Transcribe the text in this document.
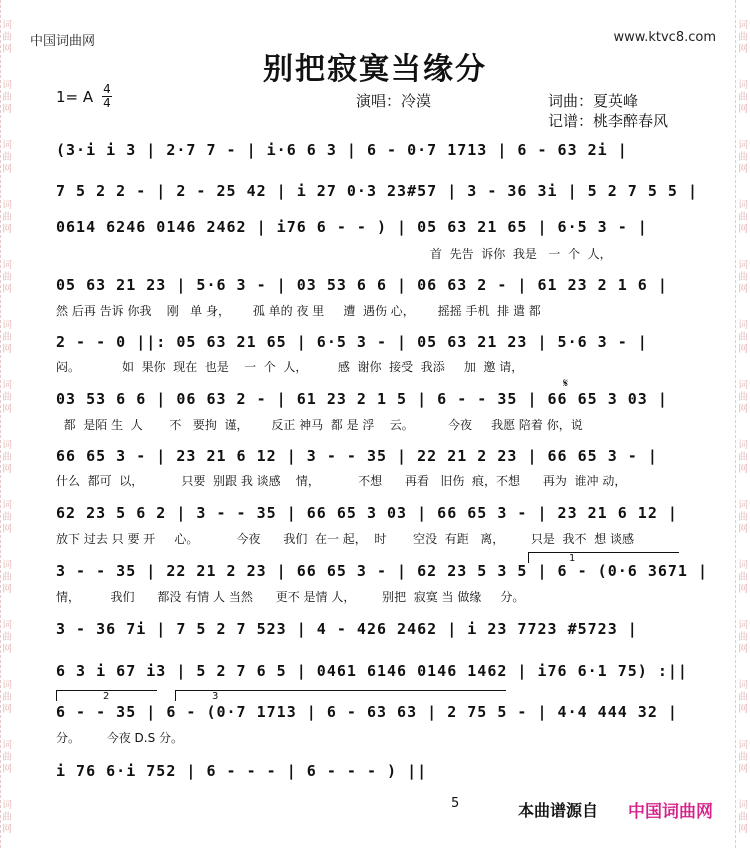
词
曲
网
词
曲
网
词
曲
网
词
曲
网
词
曲
网
词
曲
网
词
曲
网
词
曲
网
词
曲
网
词
曲
网
词
曲
网
词
曲
网
词
曲
网
词
曲
网
词
曲
网
词
曲
网
词
曲
网
词
曲
网
词
曲
网
词
曲
网
词
曲
网
词
曲
网
词
曲
网
词
曲
网
词
曲
网
词
曲
网
词
曲
网
词
曲
网
中国词曲网	www.ktvc8.com
别把寂寞当缘分
1= A 4
4	演唱：冷漠	词曲：夏英峰
记谱：桃李醉春风
(3·i i 3 | 2·7 7 - | i·6 6 3 | 6 - 0·7 1713 | 6 - 63 2i |
7 5 2 2 - | 2 - 25 42 | i 27 0·3 23#57 | 3 - 36 3i | 5 2 7 5 5 |
0614 6246 0146 2462 | i76 6 - - ) | 05 63 21 65 | 6·5 3 - |
首  先告  诉你  我是   一  个  人，
05 63 21 23 | 5·6 3 - | 03 53 6 6 | 06 63 2 - | 61 23 2 1 6 |
然 后再 告诉 你我    刚   单 身，      孤 单的 夜 里     遭  遇伤 心，      摇摇 手机  排 遣 都
2 - - 0 ||: 05 63 21 65 | 6·5 3 - | 05 63 21 23 | 5·6 3 - |
闷。           如  果你  现在  也是    一  个  人，        感  谢你  接受  我添     加  邀 请，
𝄋
03 53 6 6 | 06 63 2 - | 61 23 2 1 5 | 6 - - 35 | 66 65 3 03 |
都  是陌 生  人       不   要拘  谨，      反正 神马  都 是 浮    云。         今夜     我愿 陪着 你，说
66 65 3 - | 23 21 6 12 | 3 - - 35 | 22 21 2 23 | 66 65 3 - |
什么  都可  以，          只要  别跟 我 谈感    情，          不想      再看   旧伤  痕，不想      再为  谁冲 动，
62 23 5 6 2 | 3 - - 35 | 66 65 3 03 | 66 65 3 - | 23 21 6 12 |
放下 过去 只 要 开     心。          今夜      我们  在一 起，  时       空没  有距   离，       只是  我不  想 谈感
1
3 - - 35 | 22 21 2 23 | 66 65 3 - | 62 23 5 3 5 | 6 - (0·6 3671 |
情，        我们      都没 有情 人 当然      更不 是情 人，       别把  寂寞 当 做缘     分。
3 - 36 7i | 7 5 2 7 523 | 4 - 426 2462 | i 23 7723 #5723 |
6 3 i 67 i3 | 5 2 7 6 5 | 0461 6146 0146 1462 | i76 6·1 75) :||
2	3
6 - - 35 | 6 - (0·7 1713 | 6 - 63 63 | 2 75 5 - | 4·4 444 32 |
分。       今夜 D.S 分。
i 76 6·i 752 | 6 - - - | 6 - - - ) ||
5	本曲谱源自 中国词曲网
